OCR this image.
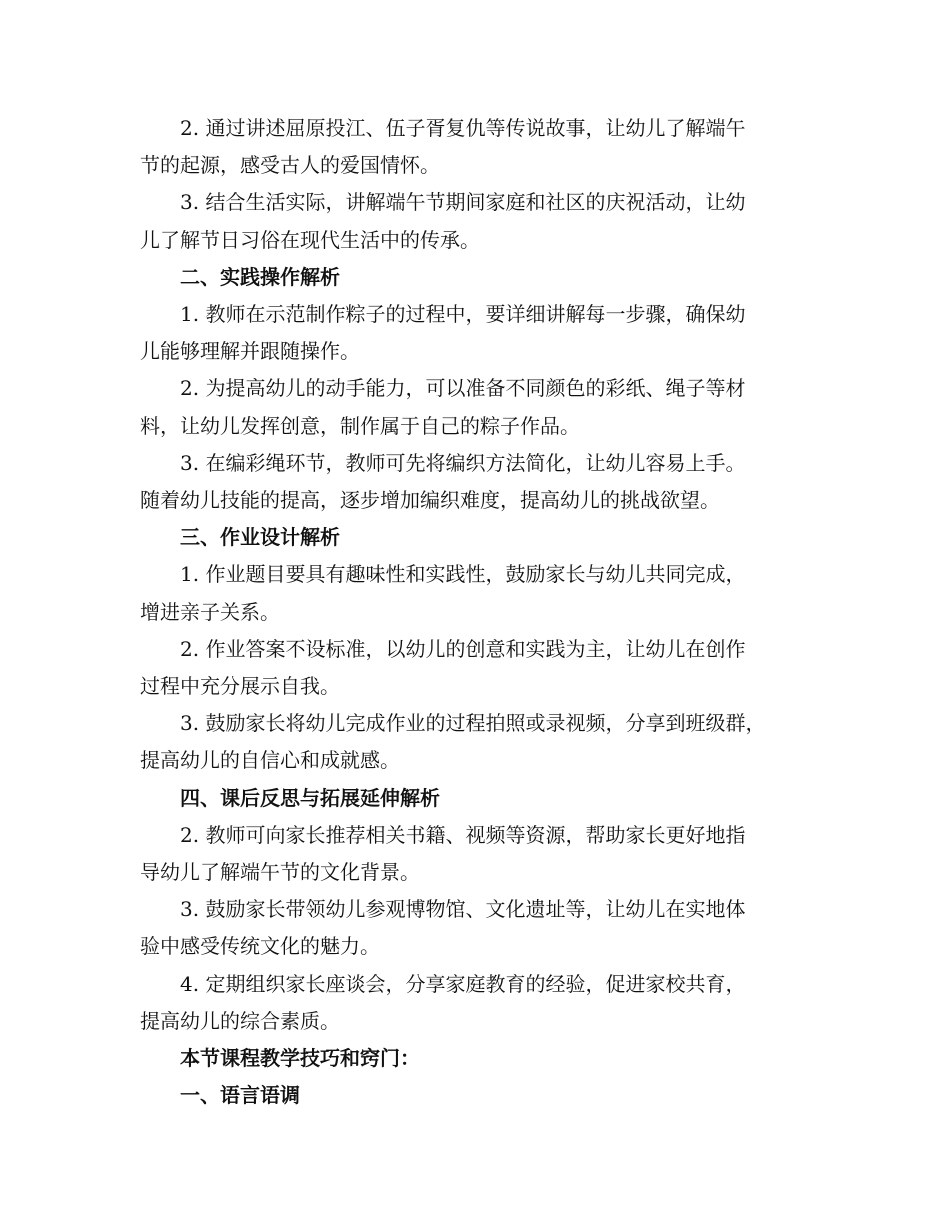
2. 通过讲述屈原投江、伍子胥复仇等传说故事，让幼儿了解端午
节的起源，感受古人的爱国情怀。

3. 结合生活实际，讲解端午节期间家庭和社区的庆祝活动，让幼
儿了解节日习俗在现代生活中的传承。

二、实践操作解析

1. 教师在示范制作粽子的过程中，要详细讲解每一步骤，确保幼
儿能够理解并跟随操作。

2. 为提高幼儿的动手能力，可以准备不同颜色的彩纸、绳子等材
料，让幼儿发挥创意，制作属于自己的粽子作品。

3. 在编彩绳环节，教师可先将编织方法简化，让幼儿容易上手。
随着幼儿技能的提高，逐步增加编织难度，提高幼儿的挑战欲望。

三、作业设计解析

1. 作业题目要具有趣味性和实践性，鼓励家长与幼儿共同完成，
增进亲子关系。

2. 作业答案不设标准，以幼儿的创意和实践为主，让幼儿在创作
过程中充分展示自我。

3. 鼓励家长将幼儿完成作业的过程拍照或录视频，分享到班级群，
提高幼儿的自信心和成就感。

四、课后反思与拓展延伸解析

2. 教师可向家长推荐相关书籍、视频等资源，帮助家长更好地指
导幼儿了解端午节的文化背景。

3. 鼓励家长带领幼儿参观博物馆、文化遗址等，让幼儿在实地体
验中感受传统文化的魅力。

4. 定期组织家长座谈会，分享家庭教育的经验，促进家校共育，
提高幼儿的综合素质。

本节课程教学技巧和窍门：

一、语言语调
